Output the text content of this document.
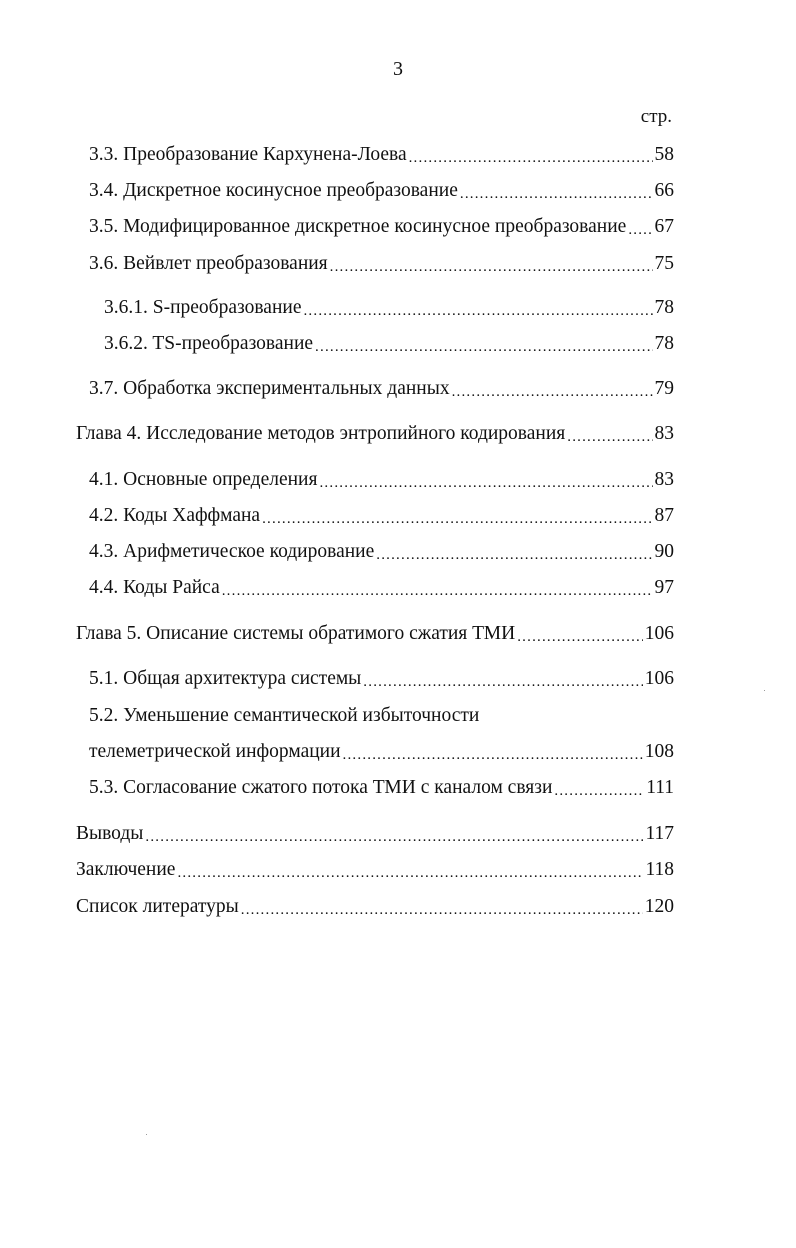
3
стр.
3.3. Преобразование Кархунена-Лоева .....	58
3.4. Дискретное косинусное преобразование .....	66
3.5. Модифицированное дискретное косинусное преобразование ..... 67
3.6. Вейвлет преобразования .....	75
3.6.1. S-преобразование .....	78
3.6.2. TS-преобразование .....	78
3.7. Обработка экспериментальных данных .....	79
Глава 4. Исследование методов энтропийного кодирования .....	83
4.1. Основные определения .....	83
4.2. Коды Хаффмана .....	87
4.3. Арифметическое кодирование .....	90
4.4. Коды Райса .....	97
Глава 5. Описание системы обратимого сжатия ТМИ .....	106
5.1. Общая архитектура системы .....	106
5.2. Уменьшение семантической избыточности
телеметрической информации .....	108
5.3. Согласование сжатого потока ТМИ с каналом связи .....	111
Выводы .....	117
Заключение .....	118
Список литературы .....	120
